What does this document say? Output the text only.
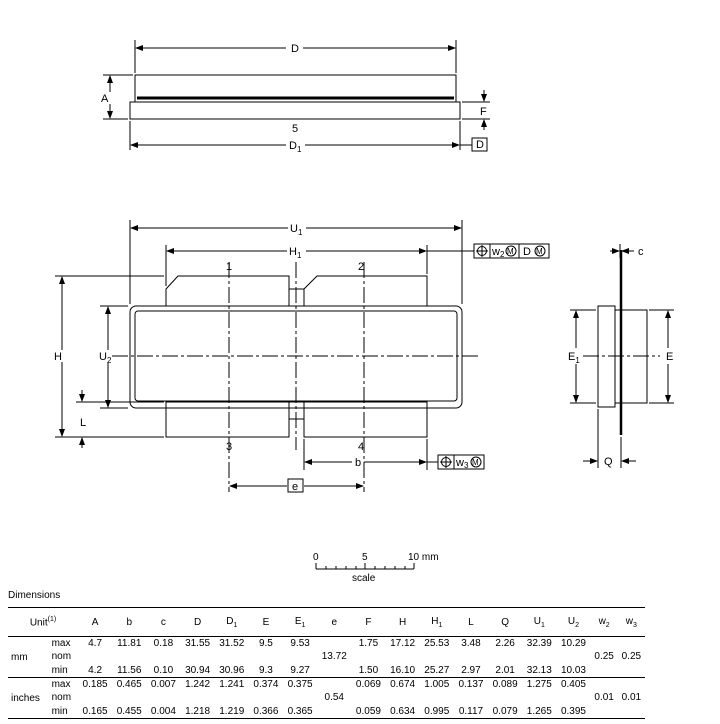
D
A
F
5
$D_1$	D
$U_1$
$H_1$
1	2
3	4
H	$U_2$
L
b
e
w2 M D M
w3 M
c
$E_1$	E
Q
0	5	10 mm
scale
Dimensions
Unit$^{(1)}$		A	b	c	D	$D_1$	E	$E_1$	e	F	H	$H_1$	L	Q	$U_1$	$U_2$	$w_2$	$w_3$
mm	max	4.7	11.81	0.18	31.55	31.52	9.5	9.53		1.75	17.12	25.53	3.48	2.26	32.39	10.29		
	nom								13.72								0.25	0.25
	min	4.2	11.56	0.10	30.94	30.96	9.3	9.27		1.50	16.10	25.27	2.97	2.01	32.13	10.03		
inches	max	0.185	0.465	0.007	1.242	1.241	0.374	0.375		0.069	0.674	1.005	0.137	0.089	1.275	0.405		
	nom								0.54								0.01	0.01
	min	0.165	0.455	0.004	1.218	1.219	0.366	0.365		0.059	0.634	0.995	0.117	0.079	1.265	0.395		
